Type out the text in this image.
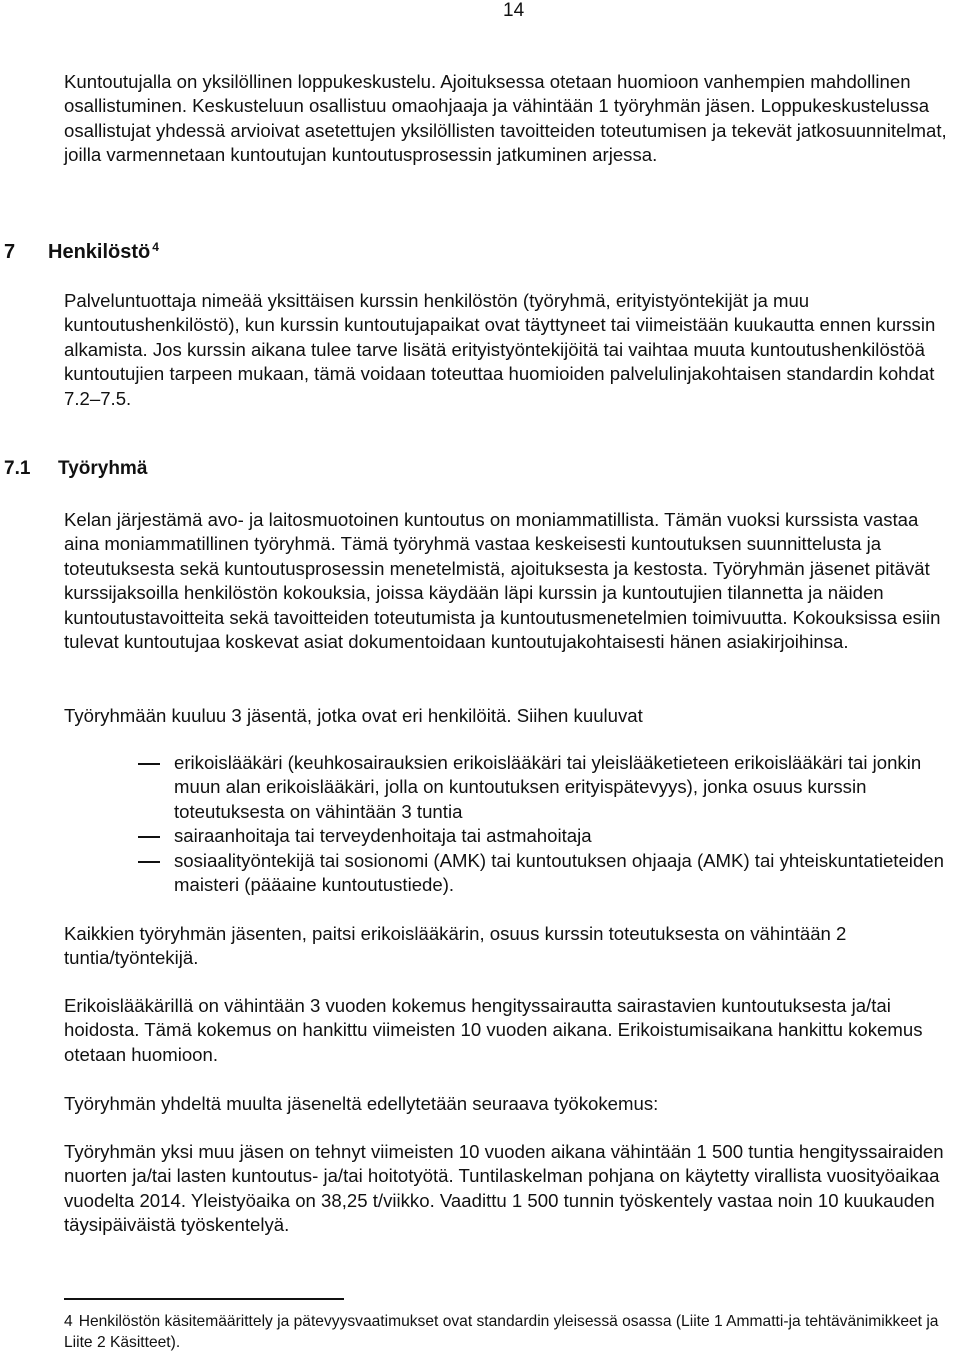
14

Kuntoutujalla on yksilöllinen loppukeskustelu. Ajoituksessa otetaan huomioon vanhempien mahdollinen osallistuminen. Keskusteluun osallistuu omaohjaaja ja vähintään 1 työryhmän jäsen. Loppukeskustelussa osallistujat yhdessä arvioivat asetettujen yksilöllisten tavoitteiden toteutumisen ja tekevät jatkosuunnitelmat, joilla varmennetaan kuntoutujan kuntoutusprosessin jatkuminen arjessa.

7 Henkilöstö $^4$

Palveluntuottaja nimeää yksittäisen kurssin henkilöstön (työryhmä, erityistyöntekijät ja muu kuntoutushenkilöstö), kun kurssin kuntoutujapaikat ovat täyttyneet tai viimeistään kuukautta ennen kurssin alkamista. Jos kurssin aikana tulee tarve lisätä erityistyöntekijöitä tai vaihtaa muuta kuntoutushenkilöstöä kuntoutujien tarpeen mukaan, tämä voidaan toteuttaa huomioiden palvelulinjakohtaisen standardin kohdat 7.2–7.5.

7.1 Työryhmä

Kelan järjestämä avo- ja laitosmuotoinen kuntoutus on moniammatillista. Tämän vuoksi kurssista vastaa aina moniammatillinen työryhmä. Tämä työryhmä vastaa keskeisesti kuntoutuksen suunnittelusta ja toteutuksesta sekä kuntoutusprosessin menetelmistä, ajoituksesta ja kestosta. Työryhmän jäsenet pitävät kurssijaksoilla henkilöstön kokouksia, joissa käydään läpi kurssin ja kuntoutujien tilannetta ja näiden kuntoutustavoitteita sekä tavoitteiden toteutumista ja kuntoutusmenetelmien toimivuutta. Kokouksissa esiin tulevat kuntoutujaa koskevat asiat dokumentoidaan kuntoutujakohtaisesti hänen asiakirjoihinsa.

Työryhmään kuuluu 3 jäsentä, jotka ovat eri henkilöitä. Siihen kuuluvat

erikoislääkäri (keuhkosairauksien erikoislääkäri tai yleislääketieteen erikoislääkäri tai jonkin muun alan erikoislääkäri, jolla on kuntoutuksen erityispätevyys), jonka osuus kurssin toteutuksesta on vähintään 3 tuntia
sairaanhoitaja tai terveydenhoitaja tai astmahoitaja
sosiaalityöntekijä tai sosionomi (AMK) tai kuntoutuksen ohjaaja (AMK) tai yhteiskuntatieteiden maisteri (pääaine kuntoutustiede).

Kaikkien työryhmän jäsenten, paitsi erikoislääkärin, osuus kurssin toteutuksesta on vähintään 2 tuntia/työntekijä.

Erikoislääkärillä on vähintään 3 vuoden kokemus hengityssairautta sairastavien kuntoutuksesta ja/tai hoidosta. Tämä kokemus on hankittu viimeisten 10 vuoden aikana. Erikoistumisaikana hankittu kokemus otetaan huomioon.

Työryhmän yhdeltä muulta jäseneltä edellytetään seuraava työkokemus:

Työryhmän yksi muu jäsen on tehnyt viimeisten 10 vuoden aikana vähintään 1 500 tuntia hengityssairaiden nuorten ja/tai lasten kuntoutus- ja/tai hoitotyötä. Tuntilaskelman pohjana on käytetty virallista vuosityöaikaa vuodelta 2014. Yleistyöaika on 38,25 t/viikko. Vaadittu 1 500 tunnin työskentely vastaa noin 10 kuukauden täysipäiväistä työskentelyä.

4 Henkilöstön käsitemäärittely ja pätevyysvaatimukset ovat standardin yleisessä osassa (Liite 1 Ammatti-ja tehtävänimikkeet ja Liite 2 Käsitteet).
